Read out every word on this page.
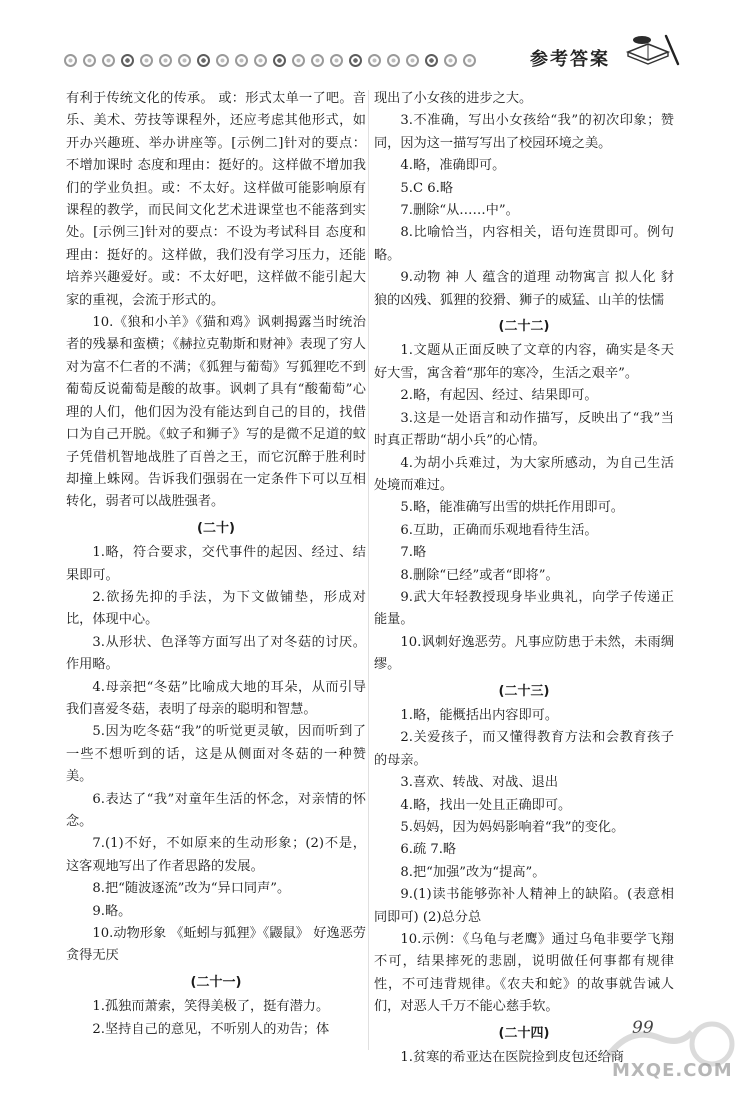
参考答案

有利于传统文化的传承。 或：形式太单一了吧。音乐、美术、劳技等课程外，还应考虑其他形式，如开办兴趣班、举办讲座等。[示例二]针对的要点：不增加课时 态度和理由：挺好的。这样做不增加我们的学业负担。或：不太好。这样做可能影响原有课程的教学，而民间文化艺术进课堂也不能落到实处。[示例三]针对的要点：不设为考试科目 态度和理由：挺好的。这样做，我们没有学习压力，还能培养兴趣爱好。或：不太好吧，这样做不能引起大家的重视，会流于形式的。

10.《狼和小羊》《猫和鸡》讽刺揭露当时统治者的残暴和蛮横；《赫拉克勒斯和财神》表现了穷人对为富不仁者的不满；《狐狸与葡萄》写狐狸吃不到葡萄反说葡萄是酸的故事。讽刺了具有“酸葡萄”心理的人们，他们因为没有能达到自己的目的，找借口为自己开脱。《蚊子和狮子》写的是微不足道的蚊子凭借机智地战胜了百兽之王，而它沉醉于胜利时却撞上蛛网。告诉我们强弱在一定条件下可以互相转化，弱者可以战胜强者。

(二十)

1.略，符合要求，交代事件的起因、经过、结果即可。

2.欲扬先抑的手法，为下文做铺垫，形成对比，体现中心。

3.从形状、色泽等方面写出了对冬菇的讨厌。作用略。

4.母亲把“冬菇”比喻成大地的耳朵，从而引导我们喜爱冬菇，表明了母亲的聪明和智慧。

5.因为吃冬菇“我”的听觉更灵敏，因而听到了一些不想听到的话，这是从侧面对冬菇的一种赞美。

6.表达了“我”对童年生活的怀念，对亲情的怀念。

7.(1)不好，不如原来的生动形象；(2)不是，这客观地写出了作者思路的发展。

8.把“随波逐流”改为“异口同声”。

9.略。

10.动物形象 《蚯蚓与狐狸》《鼹鼠》 好逸恶劳 贪得无厌

(二十一)

1.孤独而萧索，笑得美极了，挺有潜力。

2.坚持自己的意见，不听别人的劝告；体

现出了小女孩的进步之大。

3.不准确，写出小女孩给“我”的初次印象；赞同，因为这一描写写出了校园环境之美。

4.略，准确即可。

5.C 6.略

7.删除“从……中”。

8.比喻恰当，内容相关，语句连贯即可。例句略。

9.动物 神 人 蕴含的道理 动物寓言 拟人化 豺狼的凶残、狐狸的狡猾、狮子的威猛、山羊的怯懦

(二十二)

1.文题从正面反映了文章的内容，确实是冬天好大雪，寓含着“那年的寒冷，生活之艰辛”。

2.略，有起因、经过、结果即可。

3.这是一处语言和动作描写，反映出了“我”当时真正帮助“胡小兵”的心情。

4.为胡小兵难过，为大家所感动，为自己生活处境而难过。

5.略，能准确写出雪的烘托作用即可。

6.互助，正确而乐观地看待生活。

7.略

8.删除“已经”或者“即将”。

9.武大年轻教授现身毕业典礼，向学子传递正能量。

10.讽刺好逸恶劳。凡事应防患于未然，未雨绸缪。

(二十三)

1.略，能概括出内容即可。

2.关爱孩子，而又懂得教育方法和会教育孩子的母亲。

3.喜欢、转战、对战、退出

4.略，找出一处且正确即可。

5.妈妈，因为妈妈影响着“我”的变化。

6.疏 7.略

8.把“加强”改为“提高”。

9.(1)读书能够弥补人精神上的缺陷。(表意相同即可) (2)总分总

10.示例：《乌龟与老鹰》通过乌龟非要学飞翔不可，结果摔死的悲剧，说明做任何事都有规律性，不可违背规律。《农夫和蛇》的故事就告诫人们，对恶人千万不能心慈手软。

(二十四)

1.贫寒的希亚达在医院捡到皮包还给商

99
MXQE.COM
